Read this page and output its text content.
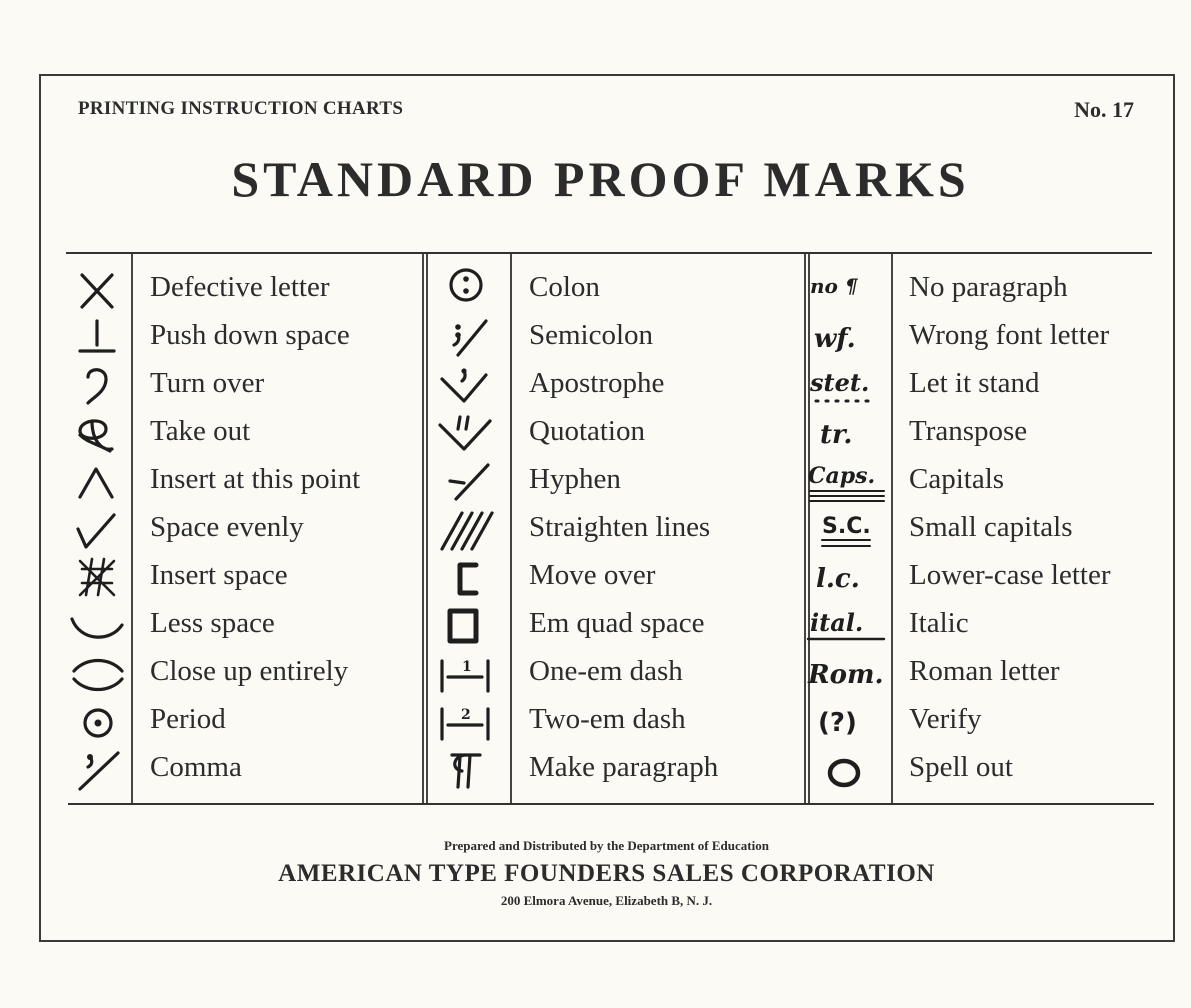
PRINTING INSTRUCTION CHARTS	No. 17
STANDARD PROOF MARKS
Defective letter
Push down space
Turn over
Take out
Insert at this point
Space evenly
Insert space
Less space
Close up entirely
Period
Comma
Colon
Semicolon
Apostrophe
Quotation
Hyphen
Straighten lines
Move over
Em quad space
1 One-em dash
2 Two-em dash
Make paragraph
no ¶ No paragraph
wf. Wrong font letter
stet. Let it stand
tr. Transpose
Caps. Capitals
S.C. Small capitals
l.c. Lower-case letter
ital. Italic
Rom. Roman letter
(?) Verify
Spell out
Prepared and Distributed by the Department of Education
AMERICAN TYPE FOUNDERS SALES CORPORATION
200 Elmora Avenue, Elizabeth B, N. J.
